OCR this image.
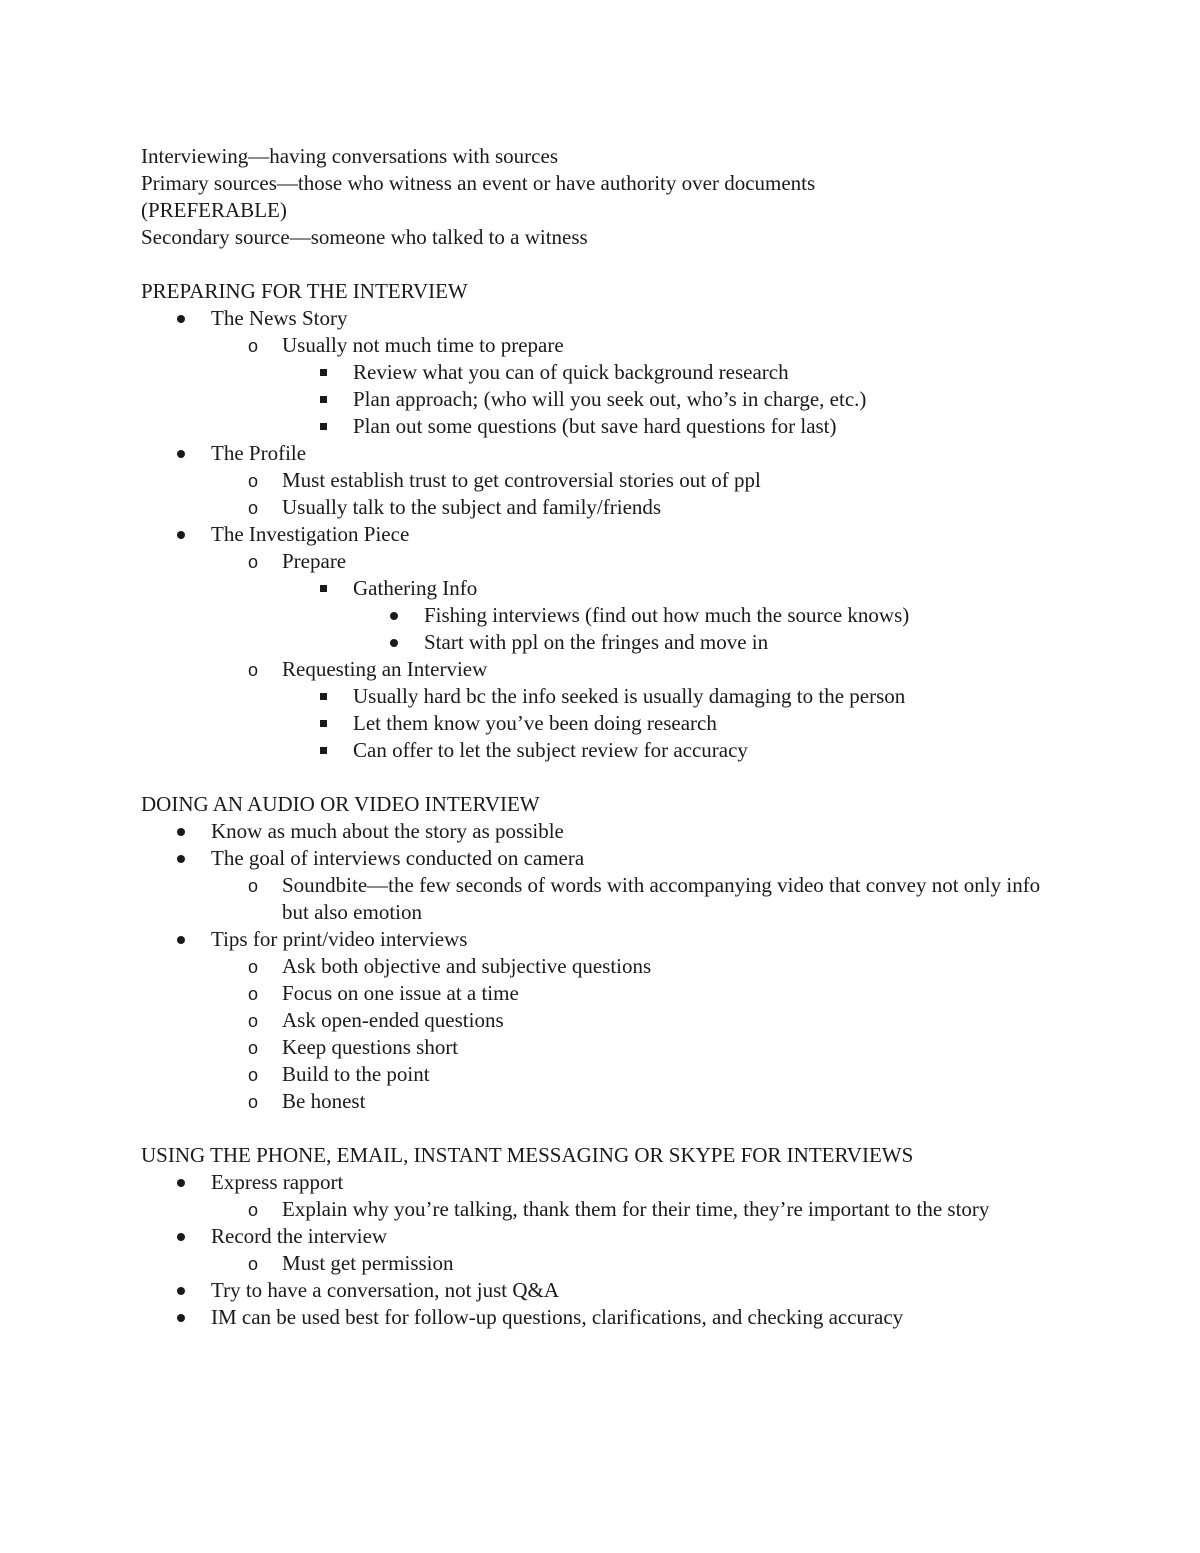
Interviewing—having conversations with sources
Primary sources—those who witness an event or have authority over documents
(PREFERABLE)
Secondary source—someone who talked to a witness
PREPARING FOR THE INTERVIEW
The News Story
o Usually not much time to prepare
Review what you can of quick background research
Plan approach; (who will you seek out, who’s in charge, etc.)
Plan out some questions (but save hard questions for last)
The Profile
o Must establish trust to get controversial stories out of ppl
o Usually talk to the subject and family/friends
The Investigation Piece
o Prepare
Gathering Info
Fishing interviews (find out how much the source knows)
Start with ppl on the fringes and move in
o Requesting an Interview
Usually hard bc the info seeked is usually damaging to the person
Let them know you’ve been doing research
Can offer to let the subject review for accuracy
DOING AN AUDIO OR VIDEO INTERVIEW
Know as much about the story as possible
The goal of interviews conducted on camera
o Soundbite—the few seconds of words with accompanying video that convey not only info but also emotion
Tips for print/video interviews
o Ask both objective and subjective questions
o Focus on one issue at a time
o Ask open-ended questions
o Keep questions short
o Build to the point
o Be honest
USING THE PHONE, EMAIL, INSTANT MESSAGING OR SKYPE FOR INTERVIEWS
Express rapport
o Explain why you’re talking, thank them for their time, they’re important to the story
Record the interview
o Must get permission
Try to have a conversation, not just Q&A
IM can be used best for follow-up questions, clarifications, and checking accuracy
